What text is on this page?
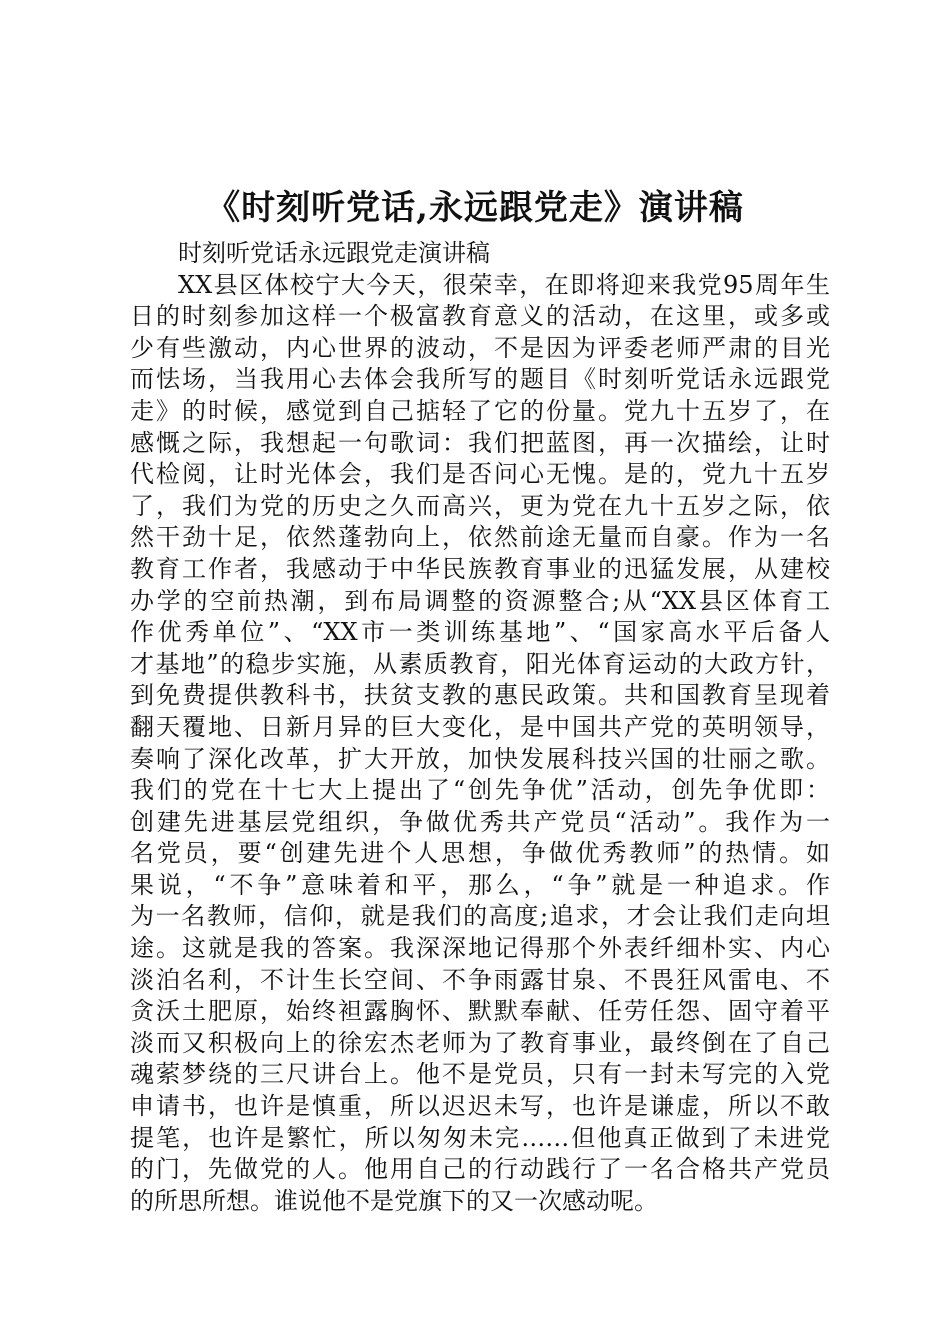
《时刻听党话,永远跟党走》演讲稿
时刻听党话永远跟党走演讲稿
XX县区体校宁大今天，很荣幸，在即将迎来我党95周年生
日的时刻参加这样一个极富教育意义的活动，在这里，或多或
少有些激动，内心世界的波动，不是因为评委老师严肃的目光
而怯场，当我用心去体会我所写的题目《时刻听党话永远跟党
走》的时候，感觉到自己掂轻了它的份量。党九十五岁了，在
感慨之际，我想起一句歌词：我们把蓝图，再一次描绘，让时
代检阅，让时光体会，我们是否问心无愧。是的，党九十五岁
了，我们为党的历史之久而高兴，更为党在九十五岁之际，依
然干劲十足，依然蓬勃向上，依然前途无量而自豪。作为一名
教育工作者，我感动于中华民族教育事业的迅猛发展，从建校
办学的空前热潮，到布局调整的资源整合;从“XX县区体育工
作优秀单位”、“XX市一类训练基地”、“国家高水平后备人
才基地”的稳步实施，从素质教育，阳光体育运动的大政方针，
到免费提供教科书，扶贫支教的惠民政策。共和国教育呈现着
翻天覆地、日新月异的巨大变化，是中国共产党的英明领导，
奏响了深化改革，扩大开放，加快发展科技兴国的壮丽之歌。
我们的党在十七大上提出了“创先争优”活动，创先争优即：
创建先进基层党组织，争做优秀共产党员“活动”。我作为一
名党员，要“创建先进个人思想，争做优秀教师”的热情。如
果说，“不争”意味着和平，那么，“争”就是一种追求。作
为一名教师，信仰，就是我们的高度;追求，才会让我们走向坦
途。这就是我的答案。我深深地记得那个外表纤细朴实、内心
淡泊名利，不计生长空间、不争雨露甘泉、不畏狂风雷电、不
贪沃土肥原，始终袒露胸怀、默默奉献、任劳任怨、固守着平
淡而又积极向上的徐宏杰老师为了教育事业，最终倒在了自己
魂萦梦绕的三尺讲台上。他不是党员，只有一封未写完的入党
申请书，也许是慎重，所以迟迟未写，也许是谦虚，所以不敢
提笔，也许是繁忙，所以匆匆未完……但他真正做到了未进党
的门，先做党的人。他用自己的行动践行了一名合格共产党员
的所思所想。谁说他不是党旗下的又一次感动呢。
